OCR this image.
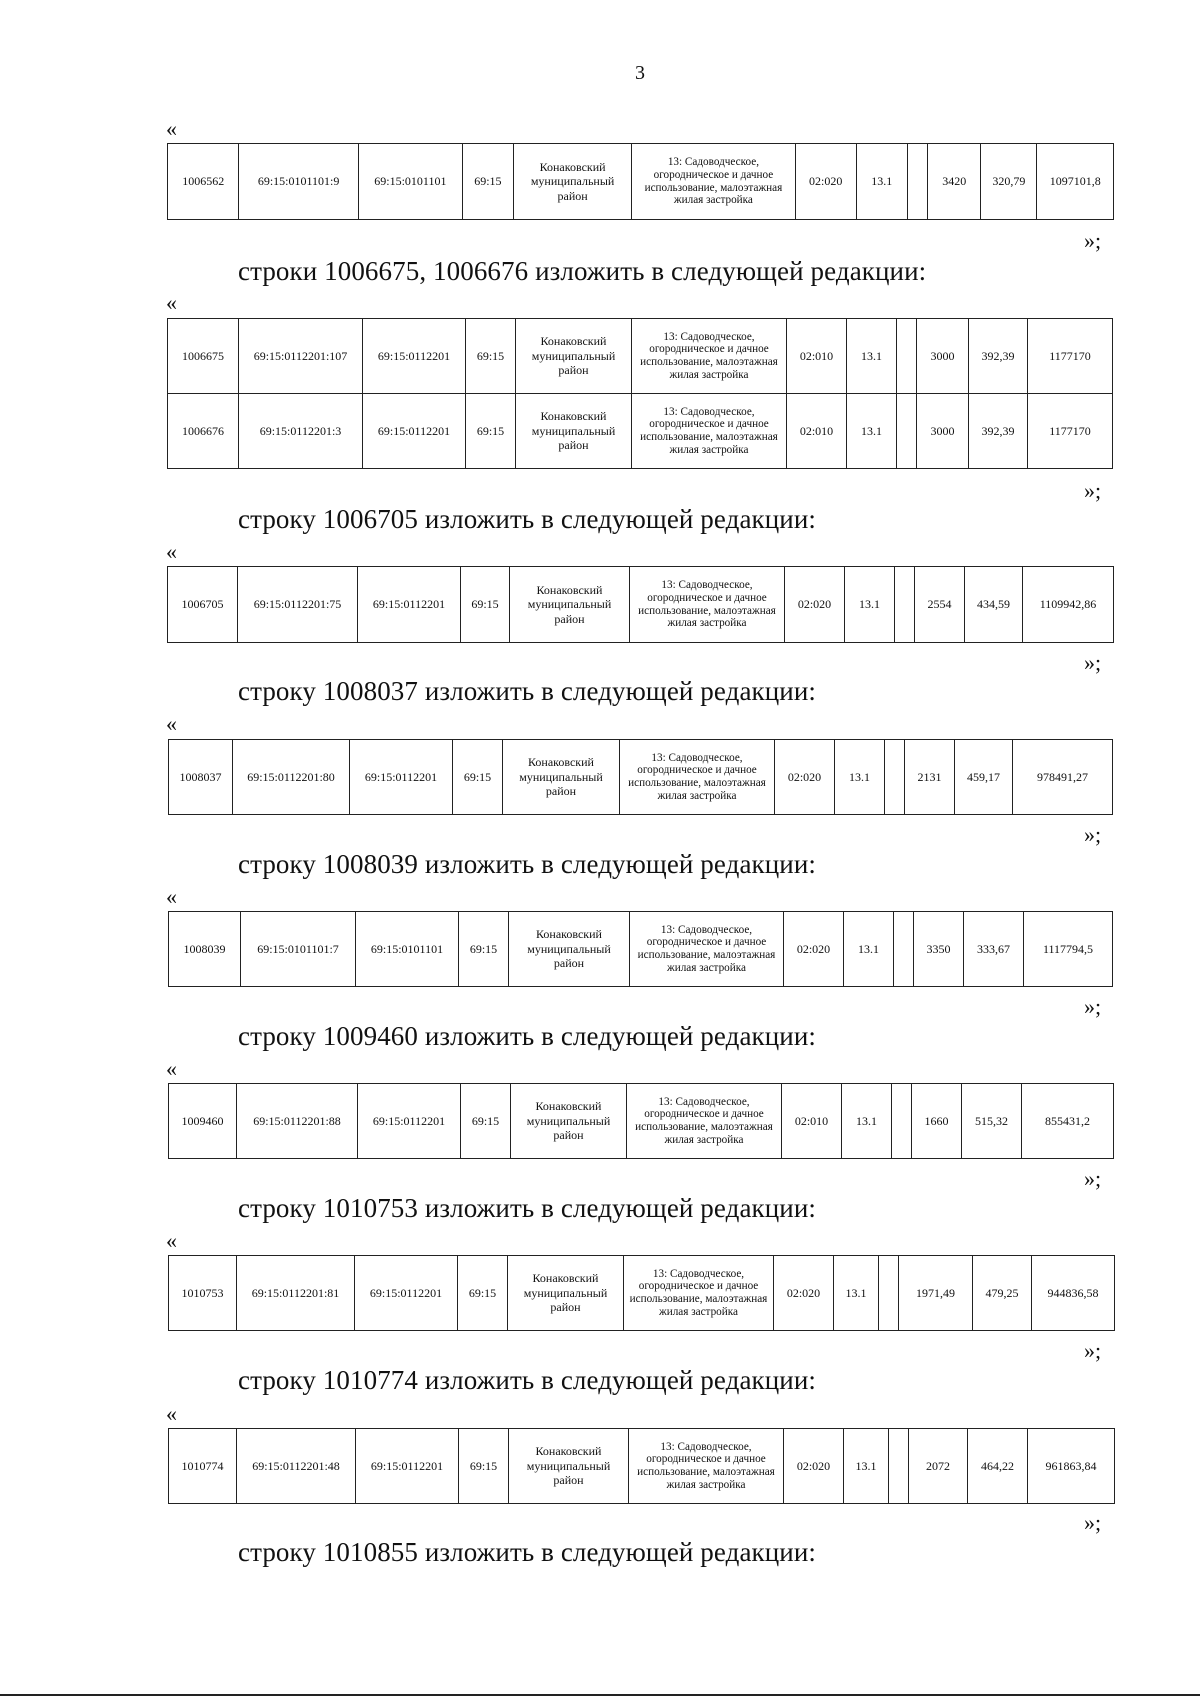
3
«
1006562	69:15:0101101:9	69:15:0101101	69:15	Конаковский муниципальный район	13: Садоводческое, огородническое и дачное использование, малоэтажная жилая застройка	02:020	13.1		3420	320,79	1097101,8
»;
строки 1006675, 1006676 изложить в следующей редакции:
«
1006675	69:15:0112201:107	69:15:0112201	69:15	Конаковский муниципальный район	13: Садоводческое, огородническое и дачное использование, малоэтажная жилая застройка	02:010	13.1		3000	392,39	1177170
1006676	69:15:0112201:3	69:15:0112201	69:15	Конаковский муниципальный район	13: Садоводческое, огородническое и дачное использование, малоэтажная жилая застройка	02:010	13.1		3000	392,39	1177170
»;
строку 1006705 изложить в следующей редакции:
«
1006705	69:15:0112201:75	69:15:0112201	69:15	Конаковский муниципальный район	13: Садоводческое, огородническое и дачное использование, малоэтажная жилая застройка	02:020	13.1		2554	434,59	1109942,86
»;
строку 1008037 изложить в следующей редакции:
«
1008037	69:15:0112201:80	69:15:0112201	69:15	Конаковский муниципальный район	13: Садоводческое, огородническое и дачное использование, малоэтажная жилая застройка	02:020	13.1		2131	459,17	978491,27
»;
строку 1008039 изложить в следующей редакции:
«
1008039	69:15:0101101:7	69:15:0101101	69:15	Конаковский муниципальный район	13: Садоводческое, огородническое и дачное использование, малоэтажная жилая застройка	02:020	13.1		3350	333,67	1117794,5
»;
строку 1009460 изложить в следующей редакции:
«
1009460	69:15:0112201:88	69:15:0112201	69:15	Конаковский муниципальный район	13: Садоводческое, огородническое и дачное использование, малоэтажная жилая застройка	02:010	13.1		1660	515,32	855431,2
»;
строку 1010753 изложить в следующей редакции:
«
1010753	69:15:0112201:81	69:15:0112201	69:15	Конаковский муниципальный район	13: Садоводческое, огородническое и дачное использование, малоэтажная жилая застройка	02:020	13.1		1971,49	479,25	944836,58
»;
строку 1010774 изложить в следующей редакции:
«
1010774	69:15:0112201:48	69:15:0112201	69:15	Конаковский муниципальный район	13: Садоводческое, огородническое и дачное использование, малоэтажная жилая застройка	02:020	13.1		2072	464,22	961863,84
»;
строку 1010855 изложить в следующей редакции:
